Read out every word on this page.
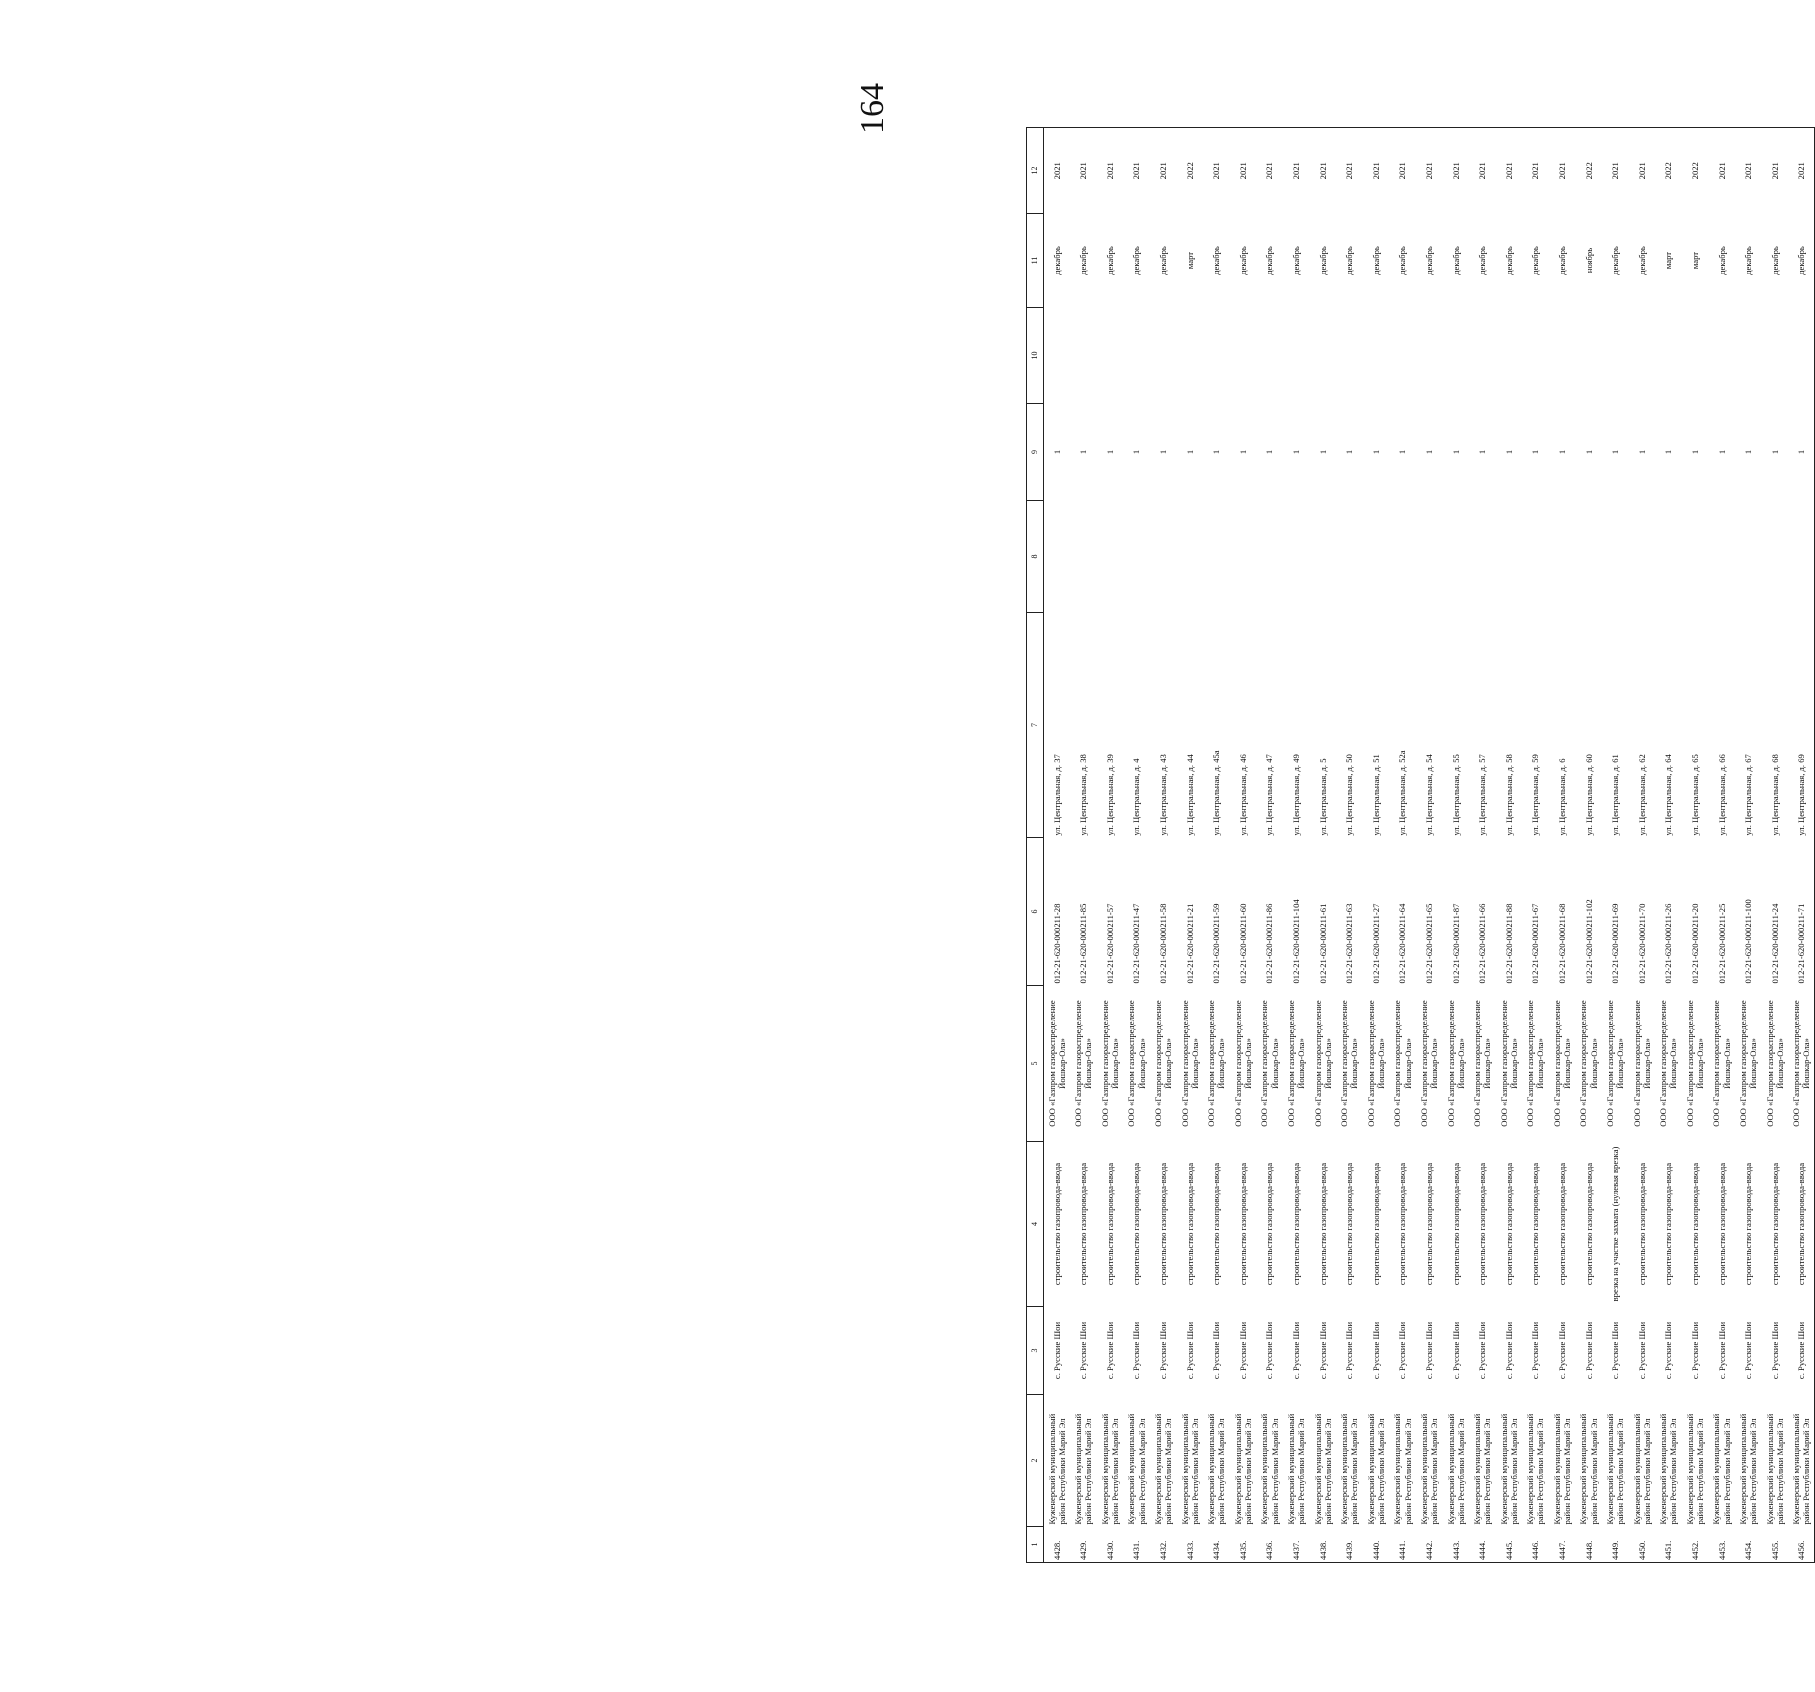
164
1	2	3	4	5	6	7	8	9	10	11	12
4428.	Куженерский муниципальный район Республики Марий Эл	с. Русские Шои	строительство газопровода-ввода	ООО «Газпром газораспределение Йошкар-Ола»	012-21-620-000211-28	ул. Центральная, д. 37		1		декабрь	2021
4429.	Куженерский муниципальный район Республики Марий Эл	с. Русские Шои	строительство газопровода-ввода	ООО «Газпром газораспределение Йошкар-Ола»	012-21-620-000211-85	ул. Центральная, д. 38		1		декабрь	2021
4430.	Куженерский муниципальный район Республики Марий Эл	с. Русские Шои	строительство газопровода-ввода	ООО «Газпром газораспределение Йошкар-Ола»	012-21-620-000211-57	ул. Центральная, д. 39		1		декабрь	2021
4431.	Куженерский муниципальный район Республики Марий Эл	с. Русские Шои	строительство газопровода-ввода	ООО «Газпром газораспределение Йошкар-Ола»	012-21-620-000211-47	ул. Центральная, д. 4		1		декабрь	2021
4432.	Куженерский муниципальный район Республики Марий Эл	с. Русские Шои	строительство газопровода-ввода	ООО «Газпром газораспределение Йошкар-Ола»	012-21-620-000211-58	ул. Центральная, д. 43		1		декабрь	2021
4433.	Куженерский муниципальный район Республики Марий Эл	с. Русские Шои	строительство газопровода-ввода	ООО «Газпром газораспределение Йошкар-Ола»	012-21-620-000211-21	ул. Центральная, д. 44		1		март	2022
4434.	Куженерский муниципальный район Республики Марий Эл	с. Русские Шои	строительство газопровода-ввода	ООО «Газпром газораспределение Йошкар-Ола»	012-21-620-000211-59	ул. Центральная, д. 45а		1		декабрь	2021
4435.	Куженерский муниципальный район Республики Марий Эл	с. Русские Шои	строительство газопровода-ввода	ООО «Газпром газораспределение Йошкар-Ола»	012-21-620-000211-60	ул. Центральная, д. 46		1		декабрь	2021
4436.	Куженерский муниципальный район Республики Марий Эл	с. Русские Шои	строительство газопровода-ввода	ООО «Газпром газораспределение Йошкар-Ола»	012-21-620-000211-86	ул. Центральная, д. 47		1		декабрь	2021
4437.	Куженерский муниципальный район Республики Марий Эл	с. Русские Шои	строительство газопровода-ввода	ООО «Газпром газораспределение Йошкар-Ола»	012-21-620-000211-104	ул. Центральная, д. 49		1		декабрь	2021
4438.	Куженерский муниципальный район Республики Марий Эл	с. Русские Шои	строительство газопровода-ввода	ООО «Газпром газораспределение Йошкар-Ола»	012-21-620-000211-61	ул. Центральная, д. 5		1		декабрь	2021
4439.	Куженерский муниципальный район Республики Марий Эл	с. Русские Шои	строительство газопровода-ввода	ООО «Газпром газораспределение Йошкар-Ола»	012-21-620-000211-63	ул. Центральная, д. 50		1		декабрь	2021
4440.	Куженерский муниципальный район Республики Марий Эл	с. Русские Шои	строительство газопровода-ввода	ООО «Газпром газораспределение Йошкар-Ола»	012-21-620-000211-27	ул. Центральная, д. 51		1		декабрь	2021
4441.	Куженерский муниципальный район Республики Марий Эл	с. Русские Шои	строительство газопровода-ввода	ООО «Газпром газораспределение Йошкар-Ола»	012-21-620-000211-64	ул. Центральная, д. 52а		1		декабрь	2021
4442.	Куженерский муниципальный район Республики Марий Эл	с. Русские Шои	строительство газопровода-ввода	ООО «Газпром газораспределение Йошкар-Ола»	012-21-620-000211-65	ул. Центральная, д. 54		1		декабрь	2021
4443.	Куженерский муниципальный район Республики Марий Эл	с. Русские Шои	строительство газопровода-ввода	ООО «Газпром газораспределение Йошкар-Ола»	012-21-620-000211-87	ул. Центральная, д. 55		1		декабрь	2021
4444.	Куженерский муниципальный район Республики Марий Эл	с. Русские Шои	строительство газопровода-ввода	ООО «Газпром газораспределение Йошкар-Ола»	012-21-620-000211-66	ул. Центральная, д. 57		1		декабрь	2021
4445.	Куженерский муниципальный район Республики Марий Эл	с. Русские Шои	строительство газопровода-ввода	ООО «Газпром газораспределение Йошкар-Ола»	012-21-620-000211-88	ул. Центральная, д. 58		1		декабрь	2021
4446.	Куженерский муниципальный район Республики Марий Эл	с. Русские Шои	строительство газопровода-ввода	ООО «Газпром газораспределение Йошкар-Ола»	012-21-620-000211-67	ул. Центральная, д. 59		1		декабрь	2021
4447.	Куженерский муниципальный район Республики Марий Эл	с. Русские Шои	строительство газопровода-ввода	ООО «Газпром газораспределение Йошкар-Ола»	012-21-620-000211-68	ул. Центральная, д. 6		1		декабрь	2021
4448.	Куженерский муниципальный район Республики Марий Эл	с. Русские Шои	строительство газопровода-ввода	ООО «Газпром газораспределение Йошкар-Ола»	012-21-620-000211-102	ул. Центральная, д. 60		1		ноябрь	2022
4449.	Куженерский муниципальный район Республики Марий Эл	с. Русские Шои	врезка на участке захвата (нулевая врезка)	ООО «Газпром газораспределение Йошкар-Ола»	012-21-620-000211-69	ул. Центральная, д. 61		1		декабрь	2021
4450.	Куженерский муниципальный район Республики Марий Эл	с. Русские Шои	строительство газопровода-ввода	ООО «Газпром газораспределение Йошкар-Ола»	012-21-620-000211-70	ул. Центральная, д. 62		1		декабрь	2021
4451.	Куженерский муниципальный район Республики Марий Эл	с. Русские Шои	строительство газопровода-ввода	ООО «Газпром газораспределение Йошкар-Ола»	012-21-620-000211-26	ул. Центральная, д. 64		1		март	2022
4452.	Куженерский муниципальный район Республики Марий Эл	с. Русские Шои	строительство газопровода-ввода	ООО «Газпром газораспределение Йошкар-Ола»	012-21-620-000211-20	ул. Центральная, д. 65		1		март	2022
4453.	Куженерский муниципальный район Республики Марий Эл	с. Русские Шои	строительство газопровода-ввода	ООО «Газпром газораспределение Йошкар-Ола»	012-21-620-000211-25	ул. Центральная, д. 66		1		декабрь	2021
4454.	Куженерский муниципальный район Республики Марий Эл	с. Русские Шои	строительство газопровода-ввода	ООО «Газпром газораспределение Йошкар-Ола»	012-21-620-000211-100	ул. Центральная, д. 67		1		декабрь	2021
4455.	Куженерский муниципальный район Республики Марий Эл	с. Русские Шои	строительство газопровода-ввода	ООО «Газпром газораспределение Йошкар-Ола»	012-21-620-000211-24	ул. Центральная, д. 68		1		декабрь	2021
4456.	Куженерский муниципальный район Республики Марий Эл	с. Русские Шои	строительство газопровода-ввода	ООО «Газпром газораспределение Йошкар-Ола»	012-21-620-000211-71	ул. Центральная, д. 69		1		декабрь	2021
